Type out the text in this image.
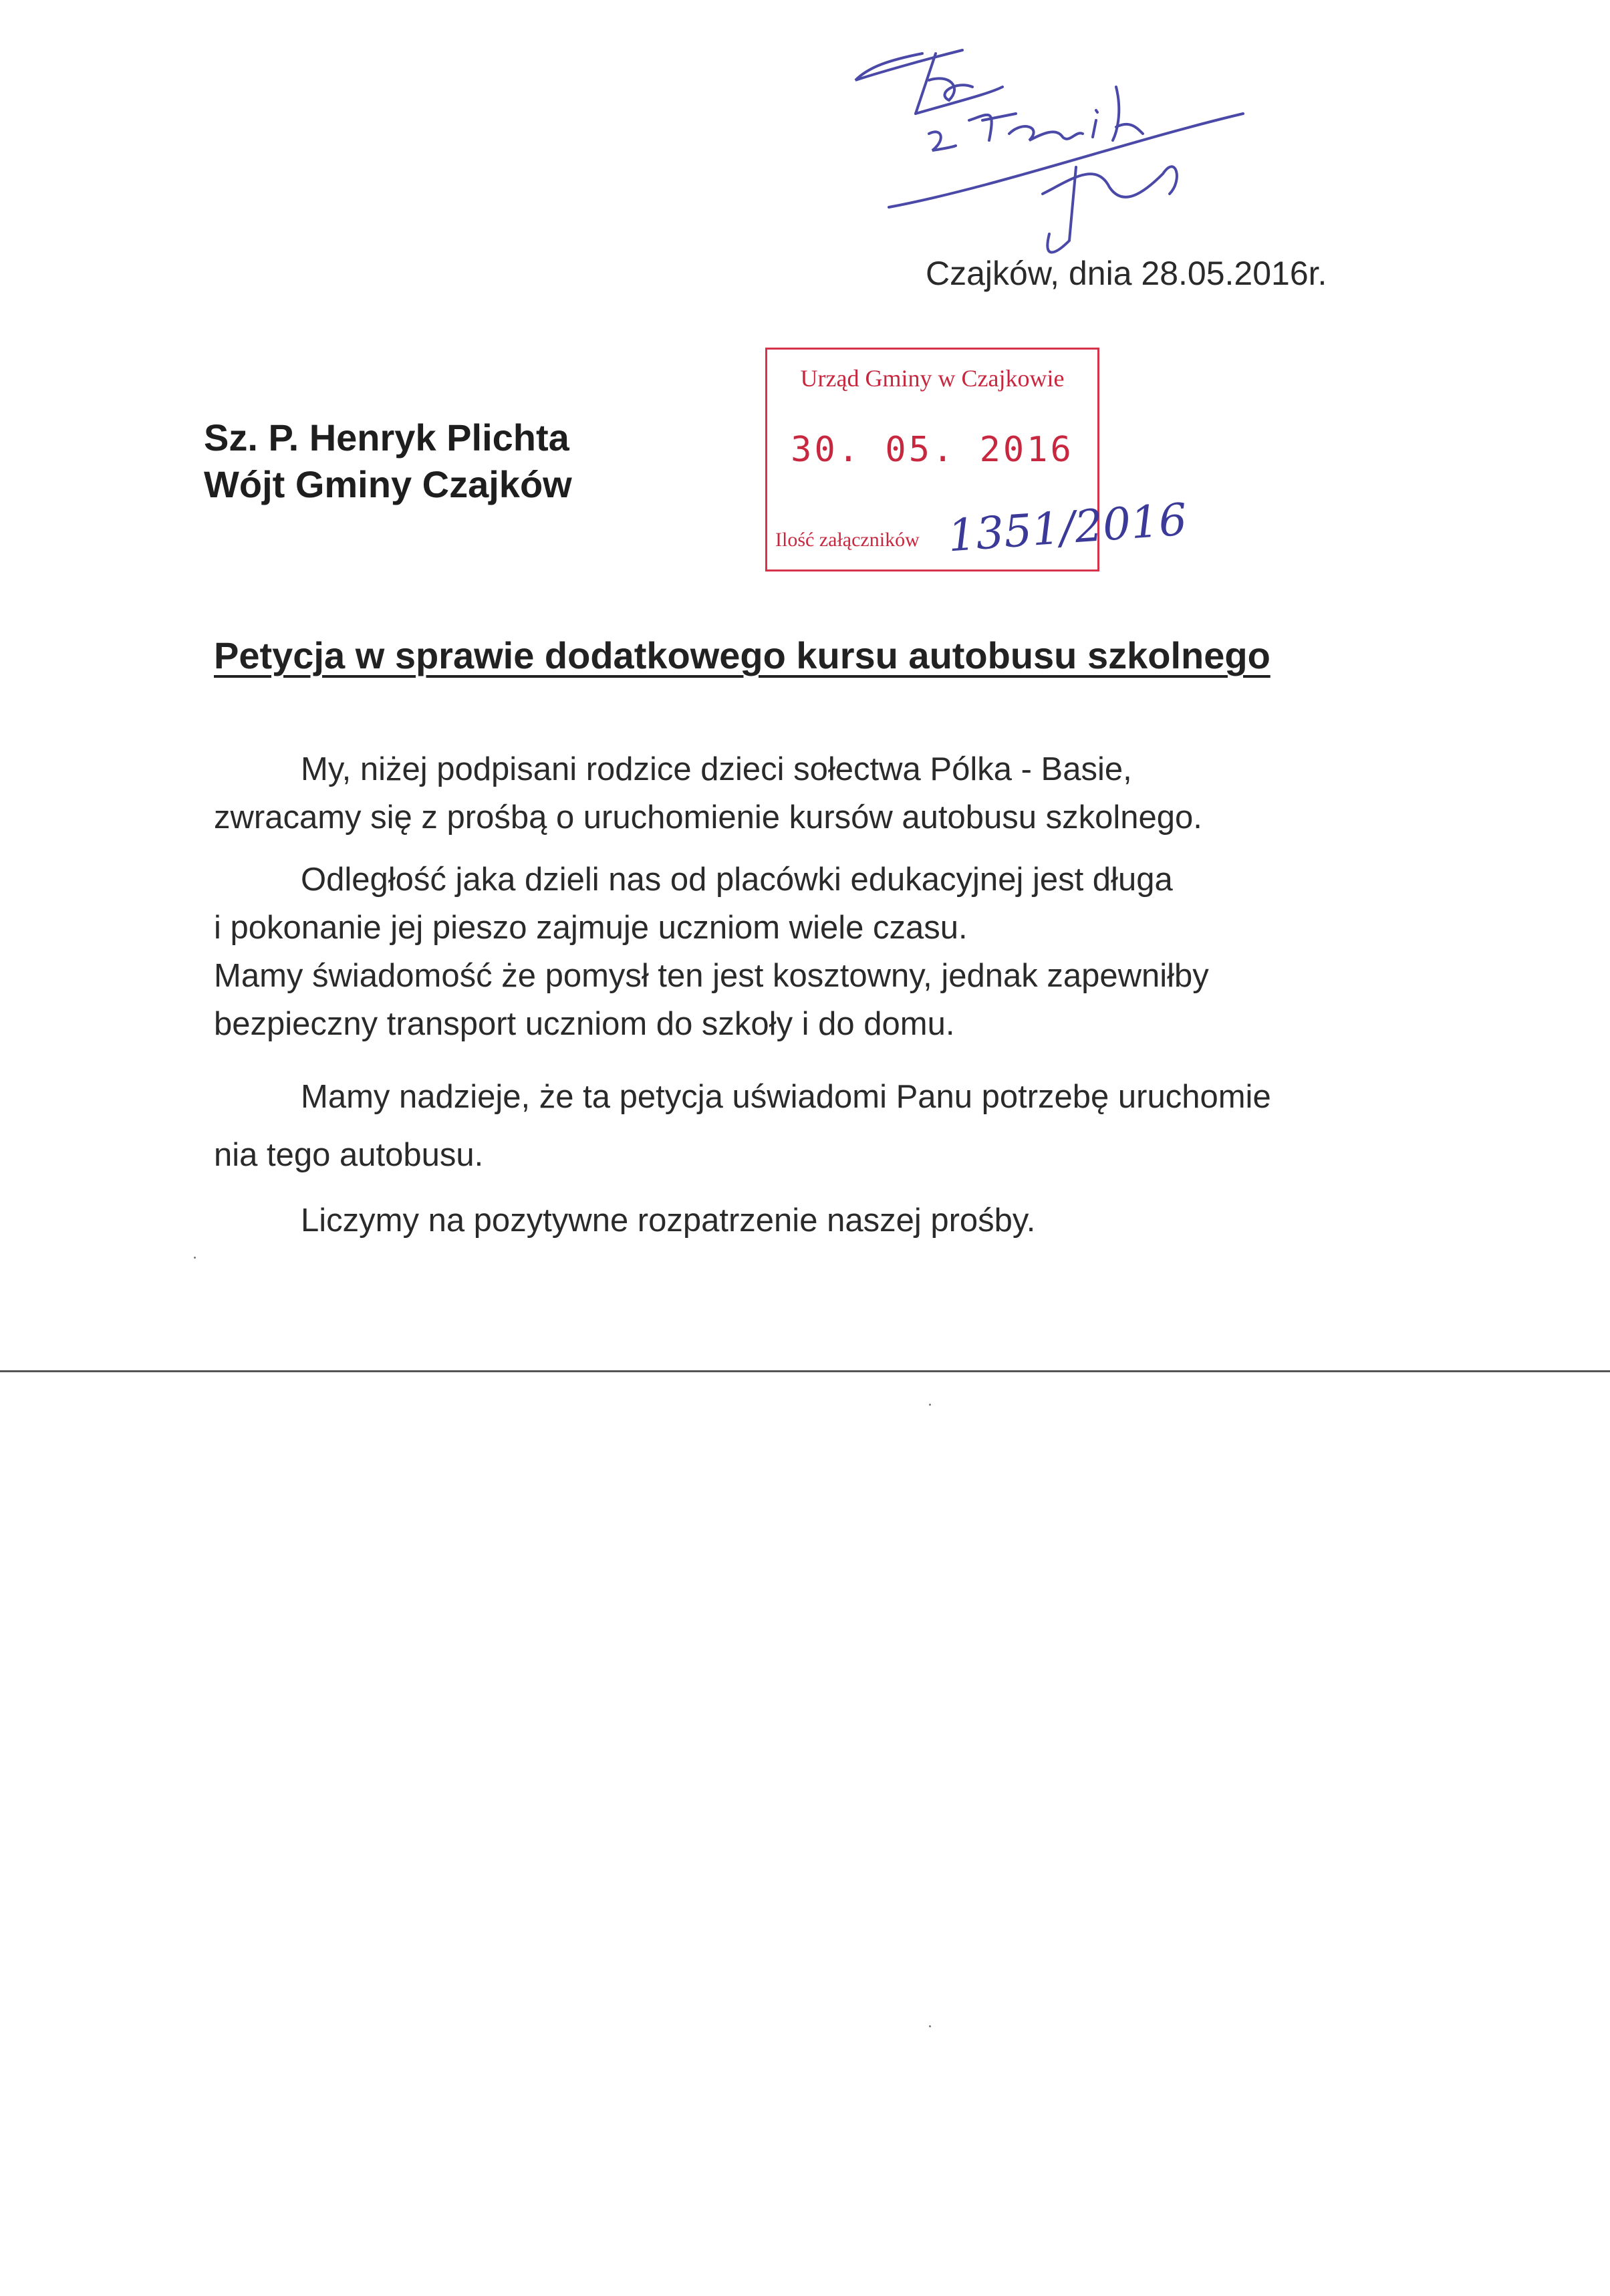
Czajków, dnia 28.05.2016r.
Sz. P. Henryk Plichta
Wójt Gminy Czajków
Urząd Gminy w Czajkowie
30. 05. 2016
Ilość załączników 1351/2016
Petycja w sprawie dodatkowego kursu autobusu szkolnego
My, niżej podpisani rodzice dzieci sołectwa Pólka - Basie,
zwracamy się z prośbą o uruchomienie kursów autobusu szkolnego.
Odległość jaka dzieli nas od placówki edukacyjnej jest długa
i pokonanie jej pieszo zajmuje uczniom wiele czasu.
Mamy świadomość że pomysł ten jest kosztowny, jednak zapewniłby
bezpieczny transport uczniom do szkoły i do domu.
Mamy nadzieje, że ta petycja uświadomi Panu potrzebę uruchomie
nia tego autobusu.
Liczymy na pozytywne rozpatrzenie naszej prośby.
